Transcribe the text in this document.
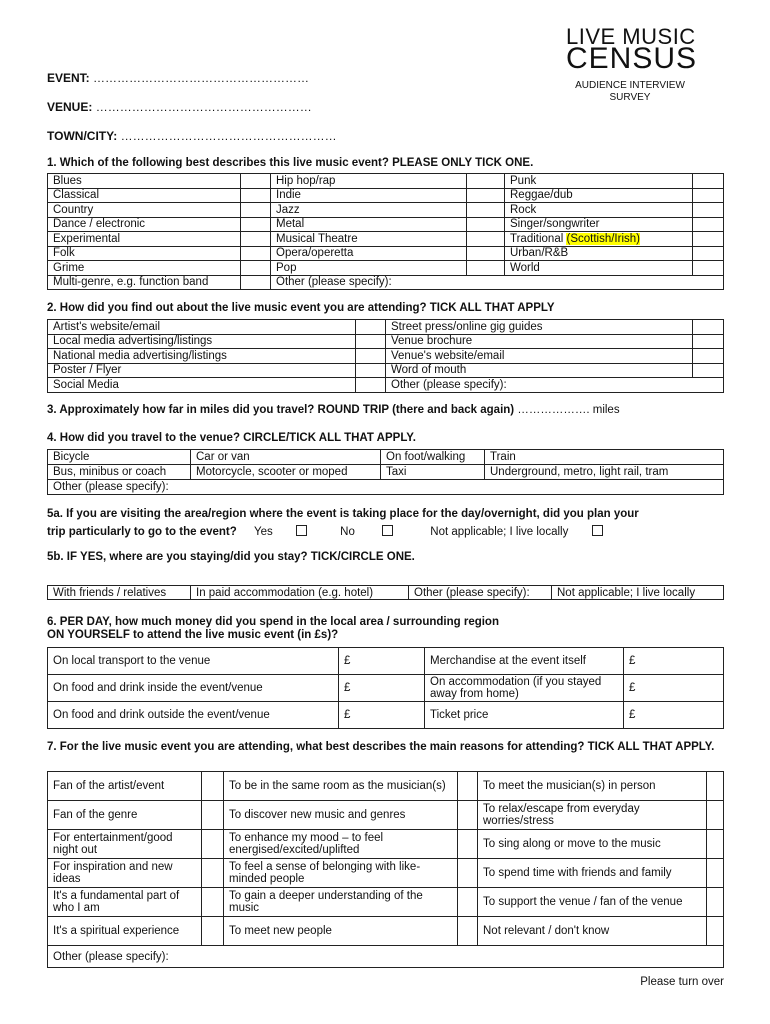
LIVE MUSIC
CENSUS
AUDIENCE INTERVIEW SURVEY
EVENT: ………………………………………………
VENUE: ………………………………………………
TOWN/CITY: ………………………………………………
1. Which of the following best describes this live music event? PLEASE ONLY TICK ONE.
Blues		Hip hop/rap		Punk	
Classical		Indie		Reggae/dub	
Country		Jazz		Rock	
Dance / electronic		Metal		Singer/songwriter	
Experimental		Musical Theatre		Traditional (Scottish/Irish)	
Folk		Opera/operetta		Urban/R&B	
Grime		Pop		World	
Multi-genre, e.g. function band		Other (please specify):			
2. How did you find out about the live music event you are attending? TICK ALL THAT APPLY
Artist's website/email		Street press/online gig guides	
Local media advertising/listings		Venue brochure	
National media advertising/listings		Venue's website/email	
Poster / Flyer		Word of mouth	
Social Media		Other (please specify):	
3. Approximately how far in miles did you travel? ROUND TRIP (there and back again) ………………. miles
4. How did you travel to the venue? CIRCLE/TICK ALL THAT APPLY.
Bicycle	Car or van	On foot/walking	Train
Bus, minibus or coach	Motorcycle, scooter or moped	Taxi	Underground, metro, light rail, tram
Other (please specify):			
5a. If you are visiting the area/region where the event is taking place for the day/overnight, did you plan your
trip particularly to go to the event? Yes	No	Not applicable; I live locally
5b. IF YES, where are you staying/did you stay? TICK/CIRCLE ONE.
With friends / relatives	In paid accommodation (e.g. hotel)	Other (please specify):	Not applicable; I live locally
6. PER DAY, how much money did you spend in the local area / surrounding region
ON YOURSELF to attend the live music event (in £s)?
On local transport to the venue	£	Merchandise at the event itself	£
On food and drink inside the event/venue	£	On accommodation (if you stayed away from home)	£
On food and drink outside the event/venue	£	Ticket price	£
7. For the live music event you are attending, what best describes the main reasons for attending? TICK ALL THAT APPLY.
Fan of the artist/event		To be in the same room as the musician(s)		To meet the musician(s) in person	
Fan of the genre		To discover new music and genres		To relax/escape from everyday worries/stress	
For entertainment/good night out		To enhance my mood – to feel energised/excited/uplifted		To sing along or move to the music	
For inspiration and new ideas		To feel a sense of belonging with like-minded people		To spend time with friends and family	
It's a fundamental part of who I am		To gain a deeper understanding of the music		To support the venue / fan of the venue	
It's a spiritual experience		To meet new people		Not relevant / don't know	
Other (please specify):					
Please turn over
